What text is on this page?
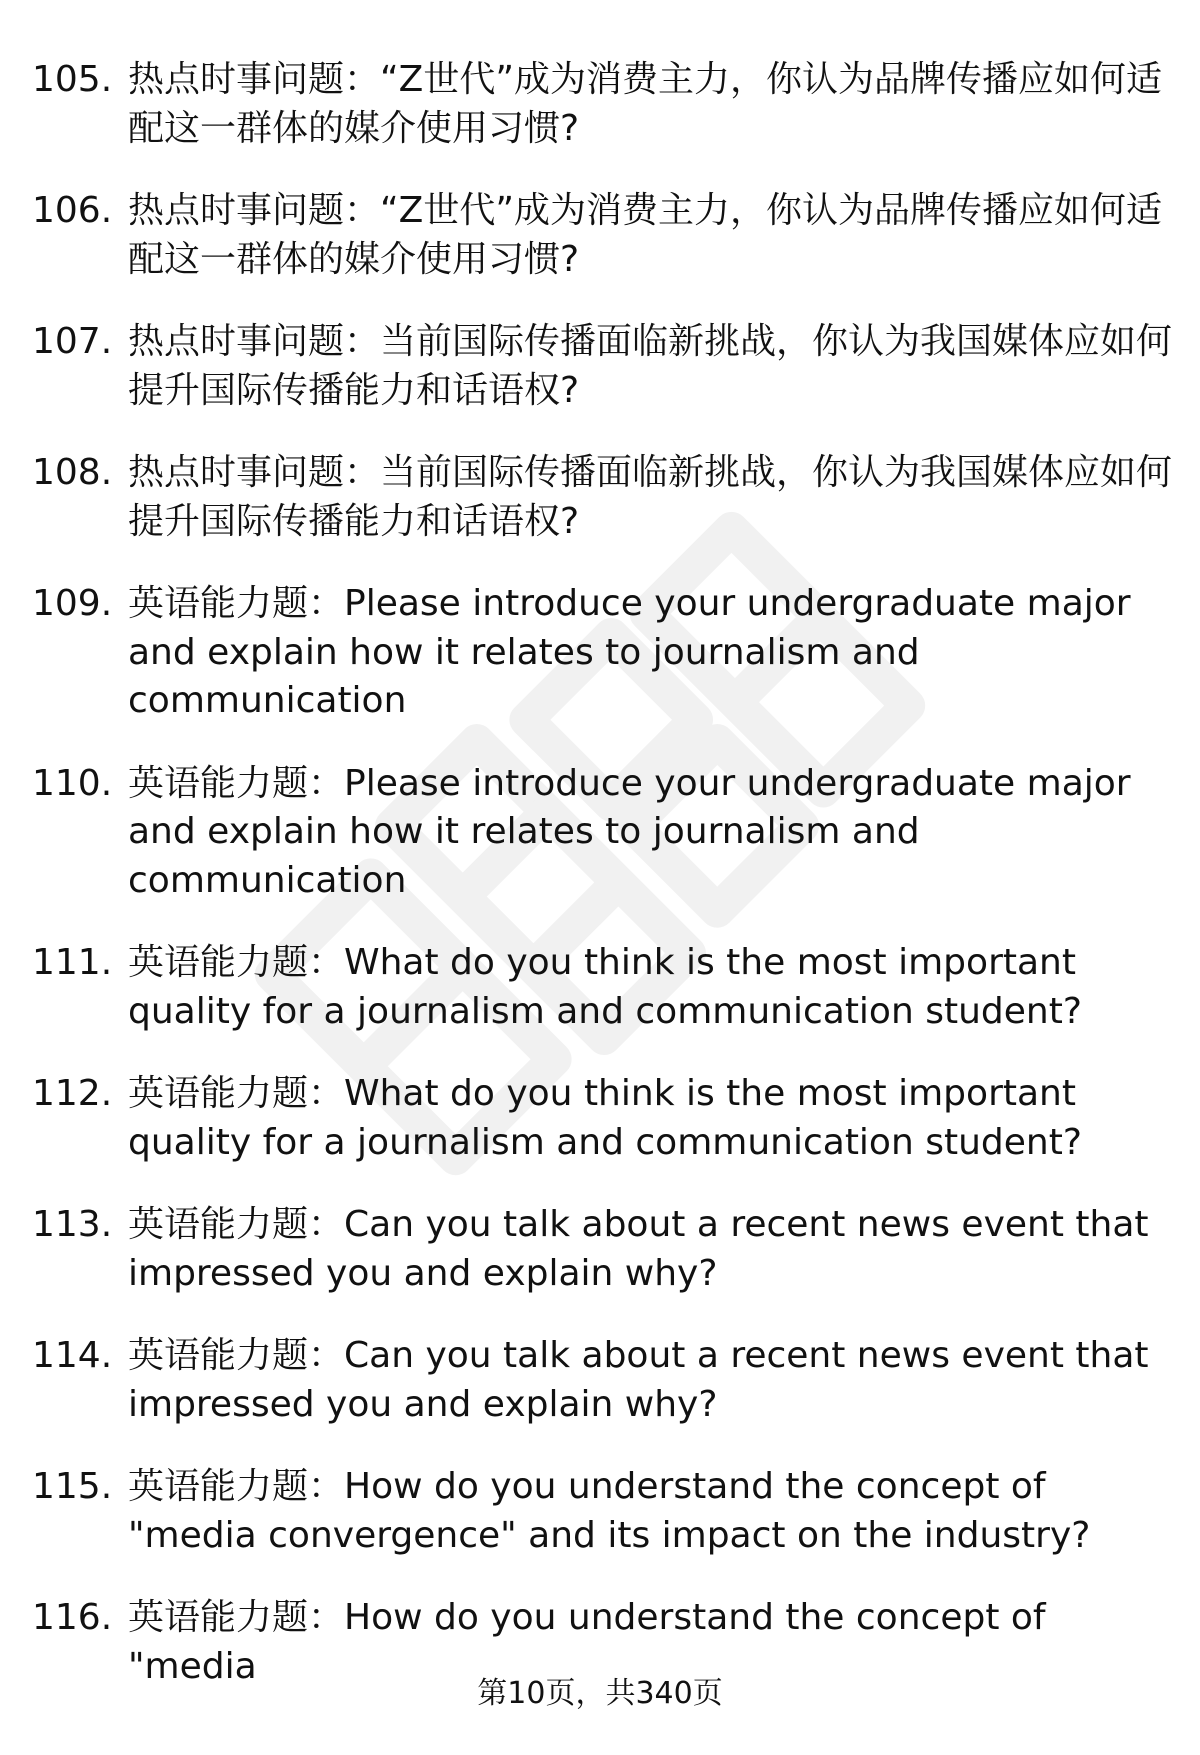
105. 热点时事问题：“Z世代”成为消费主力，你认为品牌传播应如何适配这一群体的媒介使用习惯?
106. 热点时事问题：“Z世代”成为消费主力，你认为品牌传播应如何适配这一群体的媒介使用习惯?
107. 热点时事问题：当前国际传播面临新挑战，你认为我国媒体应如何提升国际传播能力和话语权?
108. 热点时事问题：当前国际传播面临新挑战，你认为我国媒体应如何提升国际传播能力和话语权?
109. 英语能力题：Please introduce your undergraduate major and explain how it relates to journalism and communication
110. 英语能力题：Please introduce your undergraduate major and explain how it relates to journalism and communication
111. 英语能力题：What do you think is the most important quality for a journalism and communication student?
112. 英语能力题：What do you think is the most important quality for a journalism and communication student?
113. 英语能力题：Can you talk about a recent news event that impressed you and explain why?
114. 英语能力题：Can you talk about a recent news event that impressed you and explain why?
115. 英语能力题：How do you understand the concept of "media convergence" and its impact on the industry?
116. 英语能力题：How do you understand the concept of "media
第10页，共340页
